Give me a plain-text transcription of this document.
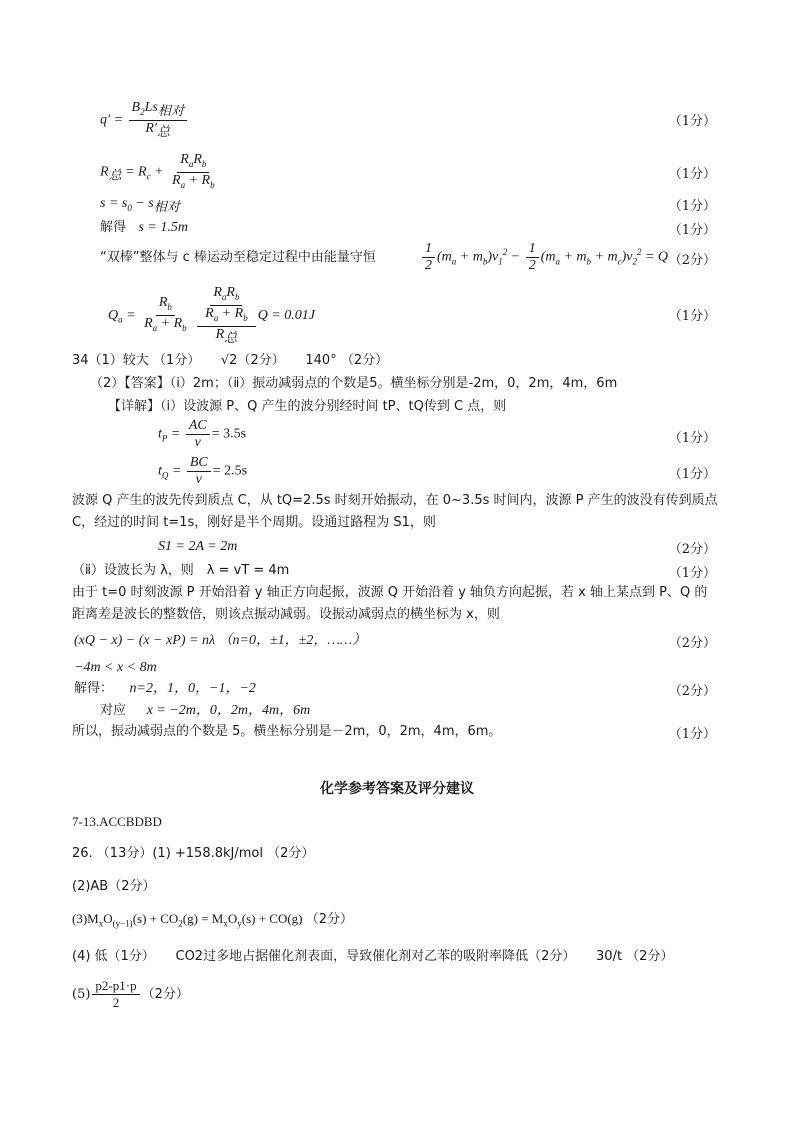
$q' = \frac{B_2Ls_{相对}}{R'_总}$	（1分）
$R_总 = R_c + \frac{R_aR_b}{R_a + R_b}$	（1分）
$s = s_0 - s_{相对}$	（1分）
解得 s = 1.5m	（1分）
“双棒”整体与 c 棒运动至稳定过程中由能量守恒	$\frac{1}{2} (m_a + m_b)v_1^2 - \frac{1}{2} (m_a + m_b + m_c)v_2^2 = Q$ （2分）
$Q_a = \frac{R_b}{R_a + R_b}$
$\frac{\frac{R_aR_b}{R_a + R_b}}{R_总}$ Q = 0.01J	（1分）
34（1）较大 （1分） √2（2分） 140° （2分）
（2）【答案】（ⅰ）2m；（ⅱ）振动减弱点的个数是5。横坐标分别是-2m，0，2m，4m，6m
【详解】（ⅰ）设波源 P、Q 产生的波分别经时间 tP、tQ传到 C 点，则
$t_P = \frac{AC}{v} = 3.5s$	（1分）
$t_Q = \frac{BC}{v} = 2.5s$	（1分）
波源 Q 产生的波先传到质点 C，从 tQ=2.5s 时刻开始振动，在 0~3.5s 时间内，波源 P 产生的波没有传到质点
C，经过的时间 t=1s，刚好是半个周期。设通过路程为 S1，则
S1 = 2A = 2m	（2分）
（ⅱ）设波长为 λ，则　λ = vT = 4m	（1分）
由于 t=0 时刻波源 P 开始沿着 y 轴正方向起振，波源 Q 开始沿着 y 轴负方向起振，若 x 轴上某点到 P、Q 的
距离差是波长的整数倍，则该点振动减弱。设振动减弱点的横坐标为 x，则
(xQ − x) − (x − xP) = nλ （n=0，±1，±2，……）	（2分）
−4m < x < 8m
解得： n=2，1，0，−1，−2	（2分）
对应 x = −2m，0，2m，4m，6m
所以，振动减弱点的个数是 5。横坐标分别是－2m，0，2m，4m，6m。	（1分）
化学参考答案及评分建议
7-13.ACCBDBD
26. （13分）(1) +158.8kJ/mol （2分）
(2)AB（2分）
$(3)M_xO_{(y-1)}(s) + CO_2(g) = M_xO_y(s) + CO(g)$ （2分）
(4) 低（1分） CO2过多地占据催化剂表面，导致催化剂对乙苯的吸附率降低（2分） 30/t （2分）
$(5) \frac{p2-p1\cdot p}{2} (2$分）
